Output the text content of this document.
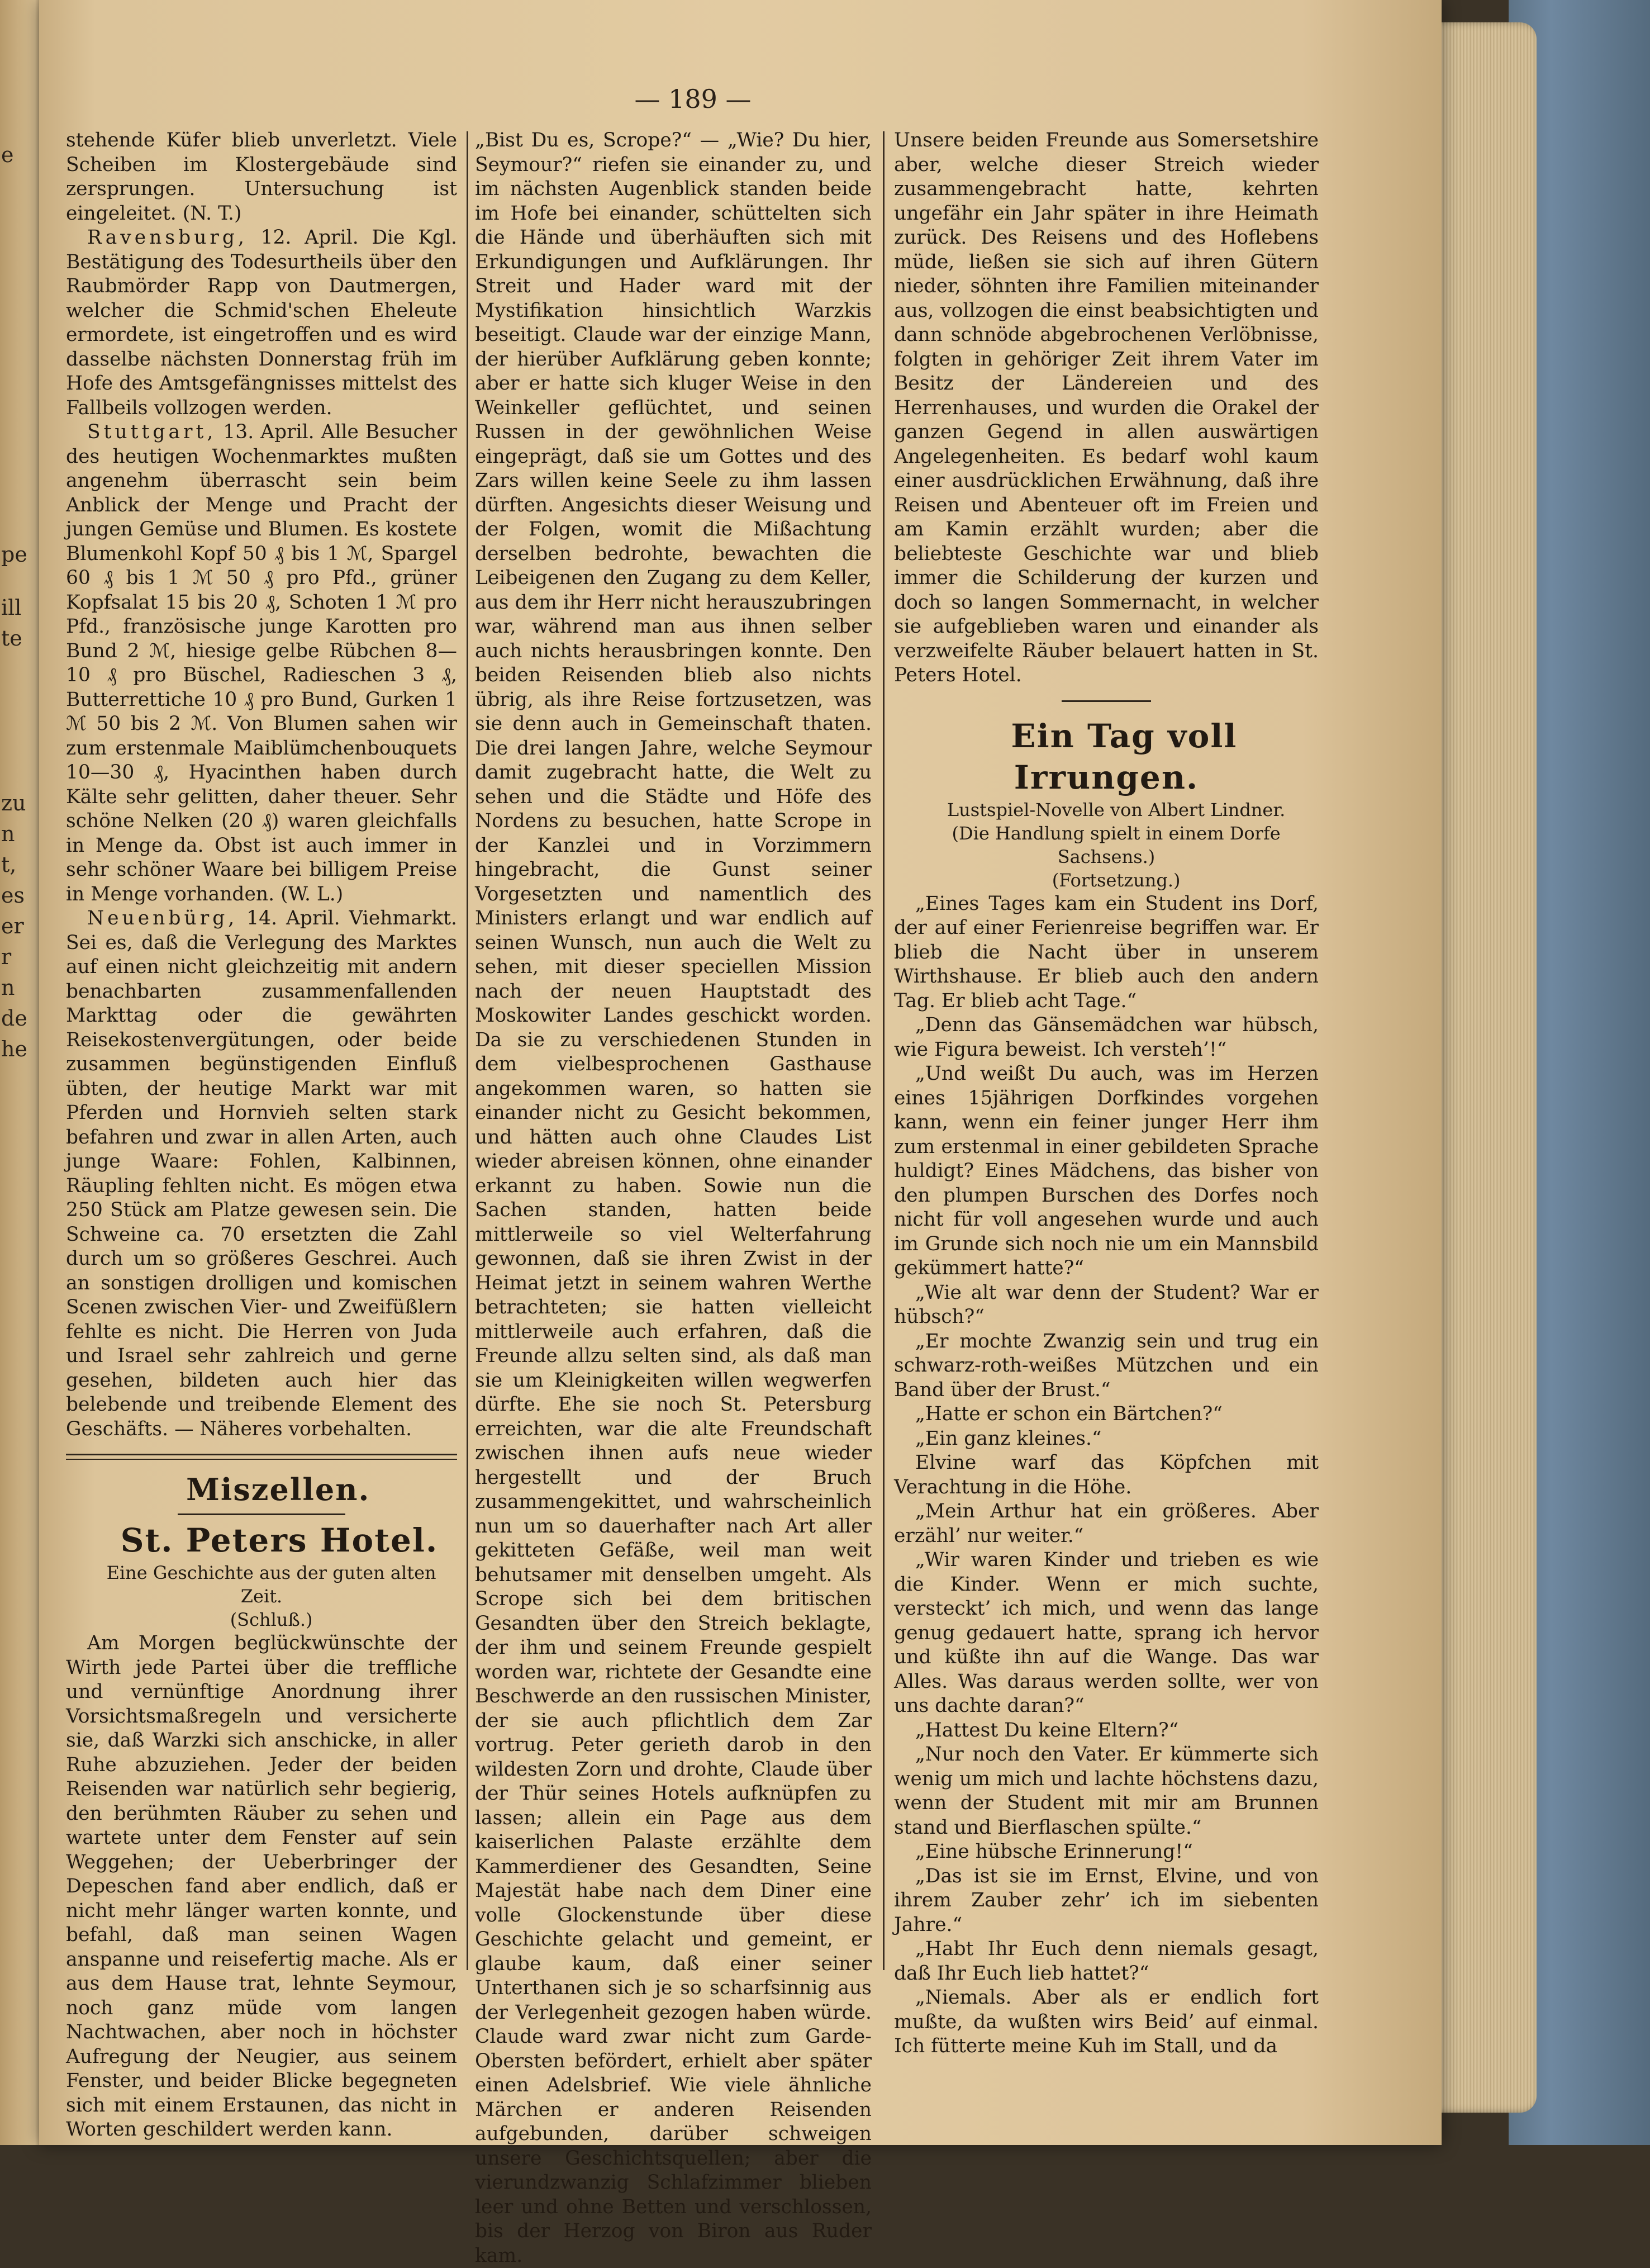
e
pe
ill
te
zu
n
t,
es
er
r
n
de
he
— 189 —

stehende Küfer blieb unverletzt. Viele Scheiben im Klostergebäude sind zersprungen. Untersuchung ist eingeleitet. (N. T.)

Ravensburg, 12. April. Die Kgl. Bestätigung des Todesurtheils über den Raubmörder Rapp von Dautmergen, welcher die Schmid'schen Eheleute ermordete, ist eingetroffen und es wird dasselbe nächsten Donnerstag früh im Hofe des Amtsgefängnisses mittelst des Fallbeils vollzogen werden.

Stuttgart, 13. April. Alle Besucher des heutigen Wochenmarktes mußten angenehm überrascht sein beim Anblick der Menge und Pracht der jungen Gemüse und Blumen. Es kostete Blumenkohl Kopf 50 ₰ bis 1 ℳ, Spargel 60 ₰ bis 1 ℳ 50 ₰ pro Pfd., grüner Kopfsalat 15 bis 20 ₰, Schoten 1 ℳ pro Pfd., französische junge Karotten pro Bund 2 ℳ, hiesige gelbe Rübchen 8—10 ₰ pro Büschel, Radieschen 3 ₰, Butterrettiche 10 ₰ pro Bund, Gurken 1 ℳ 50 bis 2 ℳ. Von Blumen sahen wir zum erstenmale Maiblümchenbouquets 10—30 ₰, Hyacinthen haben durch Kälte sehr gelitten, daher theuer. Sehr schöne Nelken (20 ₰) waren gleichfalls in Menge da. Obst ist auch immer in sehr schöner Waare bei billigem Preise in Menge vorhanden. (W. L.)

Neuenbürg, 14. April. Viehmarkt. Sei es, daß die Verlegung des Marktes auf einen nicht gleichzeitig mit andern benachbarten zusammenfallenden Markttag oder die gewährten Reisekostenvergütungen, oder beide zusammen begünstigenden Einfluß übten, der heutige Markt war mit Pferden und Hornvieh selten stark befahren und zwar in allen Arten, auch junge Waare: Fohlen, Kalbinnen, Räupling fehlten nicht. Es mögen etwa 250 Stück am Platze gewesen sein. Die Schweine ca. 70 ersetzten die Zahl durch um so größeres Geschrei. Auch an sonstigen drolligen und komischen Scenen zwischen Vier- und Zweifüßlern fehlte es nicht. Die Herren von Juda und Israel sehr zahlreich und gerne gesehen, bildeten auch hier das belebende und treibende Element des Geschäfts. — Näheres vorbehalten.

Miszellen.

St. Peters Hotel.

Eine Geschichte aus der guten alten Zeit.

(Schluß.)

Am Morgen beglückwünschte der Wirth jede Partei über die treffliche und vernünftige Anordnung ihrer Vorsichtsmaßregeln und versicherte sie, daß Warzki sich anschicke, in aller Ruhe abzuziehen. Jeder der beiden Reisenden war natürlich sehr begierig, den berühmten Räuber zu sehen und wartete unter dem Fenster auf sein Weggehen; der Ueberbringer der Depeschen fand aber endlich, daß er nicht mehr länger warten konnte, und befahl, daß man seinen Wagen anspanne und reisefertig mache. Als er aus dem Hause trat, lehnte Seymour, noch ganz müde vom langen Nachtwachen, aber noch in höchster Aufregung der Neugier, aus seinem Fenster, und beider Blicke begegneten sich mit einem Erstaunen, das nicht in Worten geschildert werden kann.

„Bist Du es, Scrope?“ — „Wie? Du hier, Seymour?“ riefen sie einander zu, und im nächsten Augenblick standen beide im Hofe bei einander, schüttelten sich die Hände und überhäuften sich mit Erkundigungen und Aufklärungen. Ihr Streit und Hader ward mit der Mystifikation hinsichtlich Warzkis beseitigt. Claude war der einzige Mann, der hierüber Aufklärung geben konnte; aber er hatte sich kluger Weise in den Weinkeller geflüchtet, und seinen Russen in der gewöhnlichen Weise eingeprägt, daß sie um Gottes und des Zars willen keine Seele zu ihm lassen dürften. Angesichts dieser Weisung und der Folgen, womit die Mißachtung derselben bedrohte, bewachten die Leibeigenen den Zugang zu dem Keller, aus dem ihr Herr nicht herauszubringen war, während man aus ihnen selber auch nichts herausbringen konnte. Den beiden Reisenden blieb also nichts übrig, als ihre Reise fortzusetzen, was sie denn auch in Gemeinschaft thaten. Die drei langen Jahre, welche Seymour damit zugebracht hatte, die Welt zu sehen und die Städte und Höfe des Nordens zu besuchen, hatte Scrope in der Kanzlei und in Vorzimmern hingebracht, die Gunst seiner Vorgesetzten und namentlich des Ministers erlangt und war endlich auf seinen Wunsch, nun auch die Welt zu sehen, mit dieser speciellen Mission nach der neuen Hauptstadt des Moskowiter Landes geschickt worden. Da sie zu verschiedenen Stunden in dem vielbesprochenen Gasthause angekommen waren, so hatten sie einander nicht zu Gesicht bekommen, und hätten auch ohne Claudes List wieder abreisen können, ohne einander erkannt zu haben. Sowie nun die Sachen standen, hatten beide mittlerweile so viel Welterfahrung gewonnen, daß sie ihren Zwist in der Heimat jetzt in seinem wahren Werthe betrachteten; sie hatten vielleicht mittlerweile auch erfahren, daß die Freunde allzu selten sind, als daß man sie um Kleinigkeiten willen wegwerfen dürfte. Ehe sie noch St. Petersburg erreichten, war die alte Freundschaft zwischen ihnen aufs neue wieder hergestellt und der Bruch zusammengekittet, und wahrscheinlich nun um so dauerhafter nach Art aller gekitteten Gefäße, weil man weit behutsamer mit denselben umgeht. Als Scrope sich bei dem britischen Gesandten über den Streich beklagte, der ihm und seinem Freunde gespielt worden war, richtete der Gesandte eine Beschwerde an den russischen Minister, der sie auch pflichtlich dem Zar vortrug. Peter gerieth darob in den wildesten Zorn und drohte, Claude über der Thür seines Hotels aufknüpfen zu lassen; allein ein Page aus dem kaiserlichen Palaste erzählte dem Kammerdiener des Gesandten, Seine Majestät habe nach dem Diner eine volle Glockenstunde über diese Geschichte gelacht und gemeint, er glaube kaum, daß einer seiner Unterthanen sich je so scharfsinnig aus der Verlegenheit gezogen haben würde. Claude ward zwar nicht zum Garde-Obersten befördert, erhielt aber später einen Adelsbrief. Wie viele ähnliche Märchen er anderen Reisenden aufgebunden, darüber schweigen unsere Geschichtsquellen; aber die vierundzwanzig Schlafzimmer blieben leer und ohne Betten und verschlossen, bis der Herzog von Biron aus Ruder kam.

Unsere beiden Freunde aus Somersetshire aber, welche dieser Streich wieder zusammengebracht hatte, kehrten ungefähr ein Jahr später in ihre Heimath zurück. Des Reisens und des Hoflebens müde, ließen sie sich auf ihren Gütern nieder, söhnten ihre Familien miteinander aus, vollzogen die einst beabsichtigten und dann schnöde abgebrochenen Verlöbnisse, folgten in gehöriger Zeit ihrem Vater im Besitz der Ländereien und des Herrenhauses, und wurden die Orakel der ganzen Gegend in allen auswärtigen Angelegenheiten. Es bedarf wohl kaum einer ausdrücklichen Erwähnung, daß ihre Reisen und Abenteuer oft im Freien und am Kamin erzählt wurden; aber die beliebteste Geschichte war und blieb immer die Schilderung der kurzen und doch so langen Sommernacht, in welcher sie aufgeblieben waren und einander als verzweifelte Räuber belauert hatten in St. Peters Hotel.

Ein Tag voll Irrungen.

Lustspiel-Novelle von Albert Lindner.

(Die Handlung spielt in einem Dorfe Sachsens.)

(Fortsetzung.)

„Eines Tages kam ein Student ins Dorf, der auf einer Ferienreise begriffen war. Er blieb die Nacht über in unserem Wirthshause. Er blieb auch den andern Tag. Er blieb acht Tage.“

„Denn das Gänsemädchen war hübsch, wie Figura beweist. Ich versteh’!“

„Und weißt Du auch, was im Herzen eines 15jährigen Dorfkindes vorgehen kann, wenn ein feiner junger Herr ihm zum erstenmal in einer gebildeten Sprache huldigt? Eines Mädchens, das bisher von den plumpen Burschen des Dorfes noch nicht für voll angesehen wurde und auch im Grunde sich noch nie um ein Mannsbild gekümmert hatte?“

„Wie alt war denn der Student? War er hübsch?“

„Er mochte Zwanzig sein und trug ein schwarz-roth-weißes Mützchen und ein Band über der Brust.“

„Hatte er schon ein Bärtchen?“

„Ein ganz kleines.“

Elvine warf das Köpfchen mit Verachtung in die Höhe.

„Mein Arthur hat ein größeres. Aber erzähl’ nur weiter.“

„Wir waren Kinder und trieben es wie die Kinder. Wenn er mich suchte, versteckt’ ich mich, und wenn das lange genug gedauert hatte, sprang ich hervor und küßte ihn auf die Wange. Das war Alles. Was daraus werden sollte, wer von uns dachte daran?“

„Hattest Du keine Eltern?“

„Nur noch den Vater. Er kümmerte sich wenig um mich und lachte höchstens dazu, wenn der Student mit mir am Brunnen stand und Bierflaschen spülte.“

„Eine hübsche Erinnerung!“

„Das ist sie im Ernst, Elvine, und von ihrem Zauber zehr’ ich im siebenten Jahre.“

„Habt Ihr Euch denn niemals gesagt, daß Ihr Euch lieb hattet?“

„Niemals. Aber als er endlich fort mußte, da wußten wirs Beid’ auf einmal. Ich fütterte meine Kuh im Stall, und da
